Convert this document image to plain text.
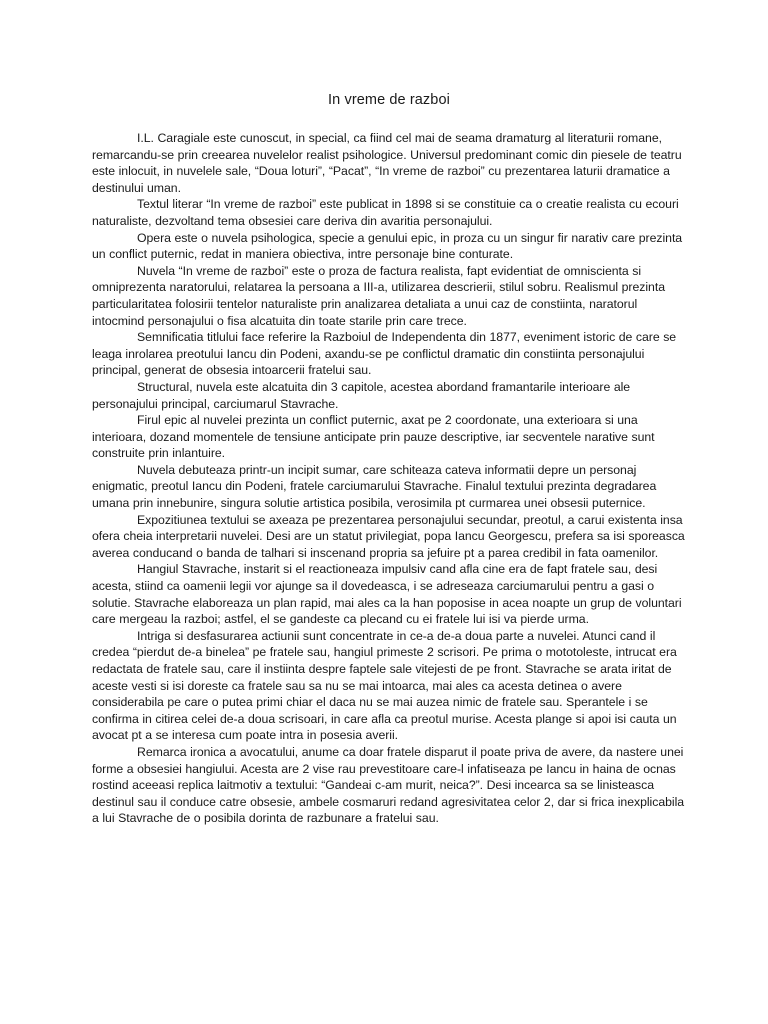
In vreme de razboi

I.L. Caragiale este cunoscut, in special, ca fiind cel mai de seama dramaturg al literaturii romane, remarcandu-se prin creearea nuvelelor realist psihologice. Universul predominant comic din piesele de teatru este inlocuit, in nuvelele sale, “Doua loturi”, “Pacat”, “In vreme de razboi” cu prezentarea laturii dramatice a destinului uman.

Textul literar “In vreme de razboi” este publicat in 1898 si se constituie ca o creatie realista cu ecouri naturaliste, dezvoltand tema obsesiei care deriva din avaritia personajului.

Opera este o nuvela psihologica, specie a genului epic, in proza cu un singur fir narativ care prezinta un conflict puternic, redat in maniera obiectiva, intre personaje bine conturate.

Nuvela “In vreme de razboi” este o proza de factura realista, fapt evidentiat de omniscienta si omniprezenta naratorului, relatarea la persoana a III-a, utilizarea descrierii, stilul sobru. Realismul prezinta particularitatea folosirii tentelor naturaliste prin analizarea detaliata a unui caz de constiinta, naratorul intocmind personajului o fisa alcatuita din toate starile prin care trece.

Semnificatia titlului face referire la Razboiul de Independenta din 1877, eveniment istoric de care se leaga inrolarea preotului Iancu din Podeni, axandu-se pe conflictul dramatic din constiinta personajului principal, generat de obsesia intoarcerii fratelui sau.

Structural, nuvela este alcatuita din 3 capitole, acestea abordand framantarile interioare ale personajului principal, carciumarul Stavrache.

Firul epic al nuvelei prezinta un conflict puternic, axat pe 2 coordonate, una exterioara si una interioara, dozand momentele de tensiune anticipate prin pauze descriptive, iar secventele narative sunt construite prin inlantuire.

Nuvela debuteaza printr-un incipit sumar, care schiteaza cateva informatii depre un personaj enigmatic, preotul Iancu din Podeni, fratele carciumarului Stavrache. Finalul textului prezinta degradarea umana prin innebunire, singura solutie artistica posibila, verosimila pt curmarea unei obsesii puternice.

Expozitiunea textului se axeaza pe prezentarea personajului secundar, preotul, a carui existenta insa ofera cheia interpretarii nuvelei. Desi are un statut privilegiat, popa Iancu Georgescu, prefera sa isi sporeasca averea conducand o banda de talhari si inscenand propria sa jefuire pt a parea credibil in fata oamenilor.

Hangiul Stavrache, instarit si el reactioneaza impulsiv cand afla cine era de fapt fratele sau, desi acesta, stiind ca oamenii legii vor ajunge sa il dovedeasca, i se adreseaza carciumarului pentru a gasi o solutie. Stavrache elaboreaza un plan rapid, mai ales ca la han poposise in acea noapte un grup de voluntari care mergeau la razboi; astfel, el se gandeste ca plecand cu ei fratele lui isi va pierde urma.

Intriga si desfasurarea actiunii sunt concentrate in ce-a de-a doua parte a nuvelei. Atunci cand il credea “pierdut de-a binelea” pe fratele sau, hangiul primeste 2 scrisori. Pe prima o mototoleste, intrucat era redactata de fratele sau, care il instiinta despre faptele sale vitejesti de pe front. Stavrache se arata iritat de aceste vesti si isi doreste ca fratele sau sa nu se mai intoarca, mai ales ca acesta detinea o avere considerabila pe care o putea primi chiar el daca nu se mai auzea nimic de fratele sau. Sperantele i se confirma in citirea celei de-a doua scrisoari, in care afla ca preotul murise. Acesta plange si apoi isi cauta un avocat pt a se interesa cum poate intra in posesia averii.

Remarca ironica a avocatului, anume ca doar fratele disparut il poate priva de avere, da nastere unei forme a obsesiei hangiului. Acesta are 2 vise rau prevestitoare care-l infatiseaza pe Iancu in haina de ocnas rostind aceeasi replica laitmotiv a textului: “Gandeai c-am murit, neica?”. Desi incearca sa se linisteasca destinul sau il conduce catre obsesie, ambele cosmaruri redand agresivitatea celor 2, dar si frica inexplicabila a lui Stavrache de o posibila dorinta de razbunare a fratelui sau.
